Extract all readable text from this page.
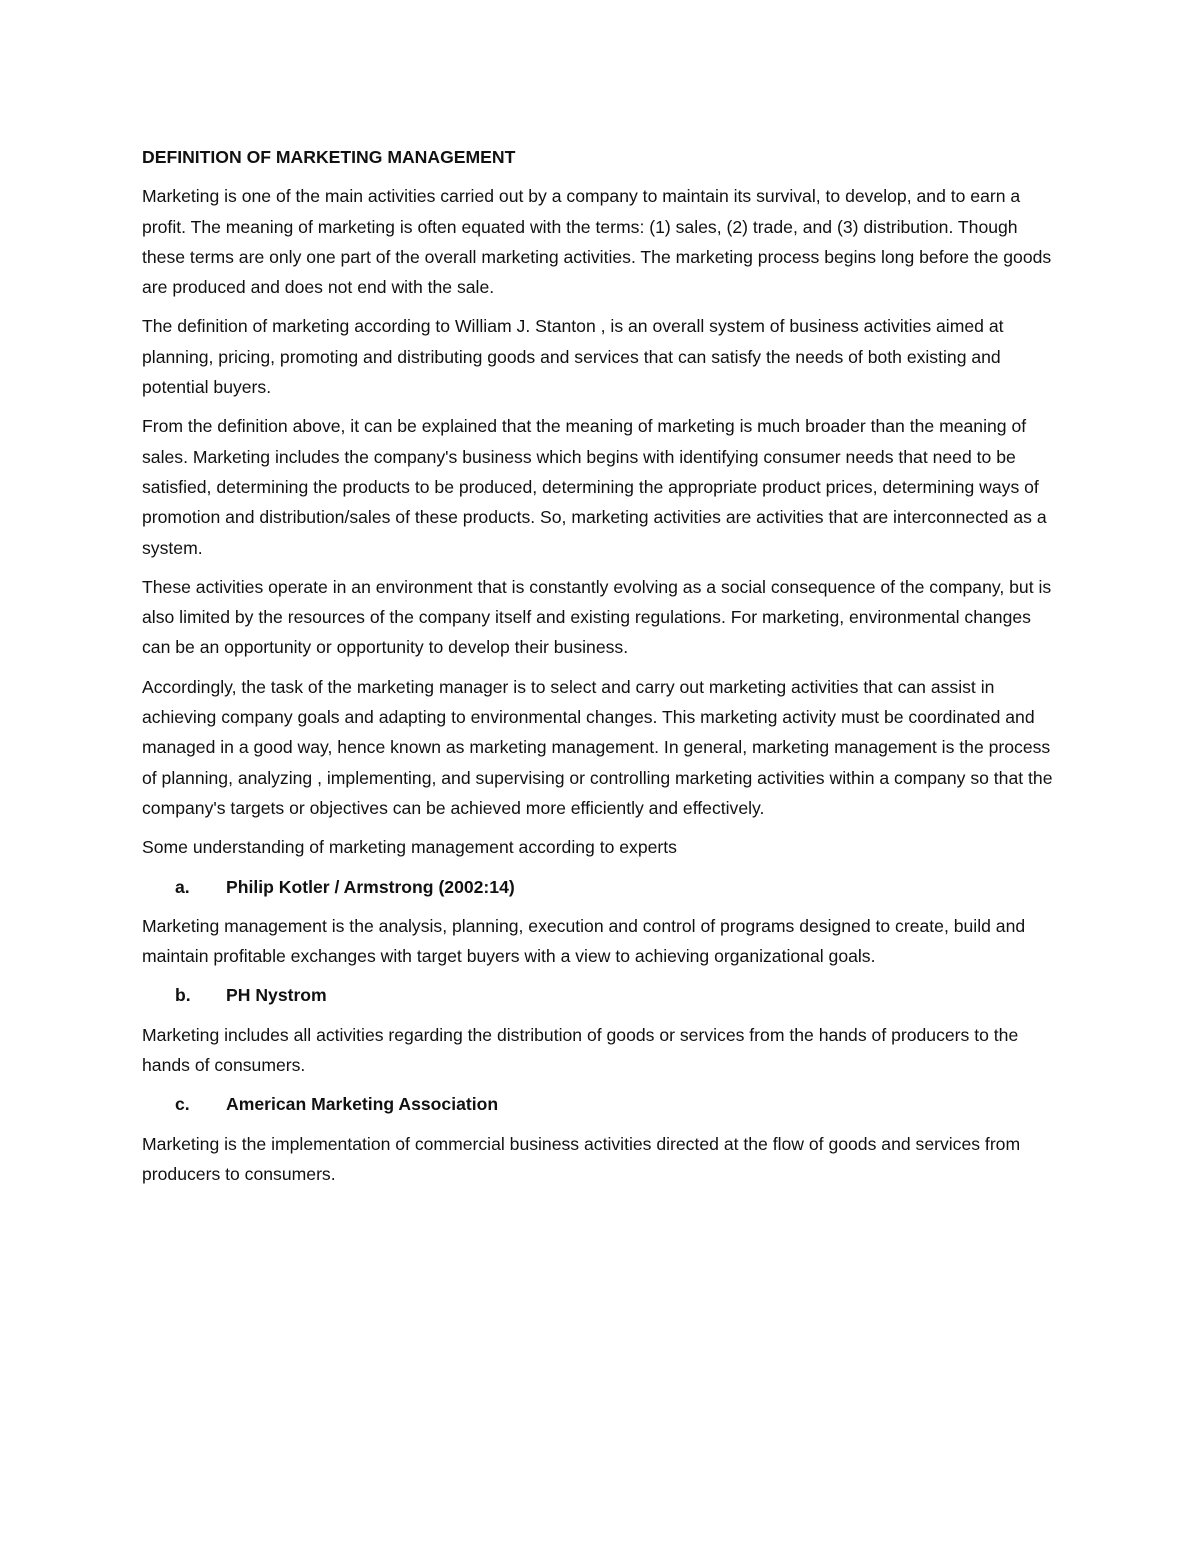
DEFINITION OF MARKETING MANAGEMENT

Marketing is one of the main activities carried out by a company to maintain its survival, to develop, and to earn a profit. The meaning of marketing is often equated with the terms: (1) sales, (2) trade, and (3) distribution. Though these terms are only one part of the overall marketing activities. The marketing process begins long before the goods are produced and does not end with the sale.

The definition of marketing according to William J. Stanton , is an overall system of business activities aimed at planning, pricing, promoting and distributing goods and services that can satisfy the needs of both existing and potential buyers.

From the definition above, it can be explained that the meaning of marketing is much broader than the meaning of sales. Marketing includes the company's business which begins with identifying consumer needs that need to be satisfied, determining the products to be produced, determining the appropriate product prices, determining ways of promotion and distribution/sales of these products. So, marketing activities are activities that are interconnected as a system.

These activities operate in an environment that is constantly evolving as a social consequence of the company, but is also limited by the resources of the company itself and existing regulations. For marketing, environmental changes can be an opportunity or opportunity to develop their business.

Accordingly, the task of the marketing manager is to select and carry out marketing activities that can assist in achieving company goals and adapting to environmental changes. This marketing activity must be coordinated and managed in a good way, hence known as marketing management. In general, marketing management is the process of planning, analyzing , implementing, and supervising or controlling marketing activities within a company so that the company's targets or objectives can be achieved more efficiently and effectively.

Some understanding of marketing management according to experts

a. Philip Kotler / Armstrong (2002:14)

Marketing management is the analysis, planning, execution and control of programs designed to create, build and maintain profitable exchanges with target buyers with a view to achieving organizational goals.

b. PH Nystrom

Marketing includes all activities regarding the distribution of goods or services from the hands of producers to the hands of consumers.

c. American Marketing Association

Marketing is the implementation of commercial business activities directed at the flow of goods and services from producers to consumers.
